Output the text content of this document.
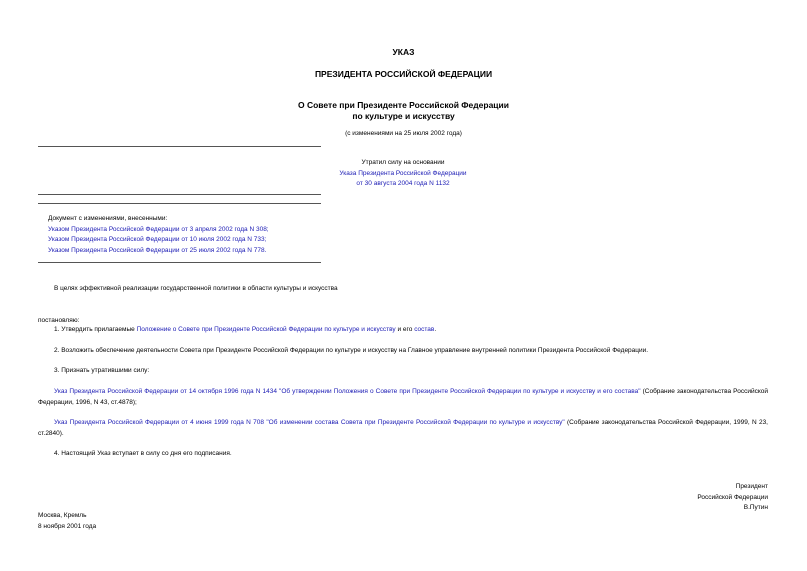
УКАЗ
ПРЕЗИДЕНТА РОССИЙСКОЙ ФЕДЕРАЦИИ
О Совете при Президенте Российской Федерации
по культуре и искусству
(с изменениями на 25 июля 2002 года)
Утратил силу на основании
Указа Президента Российской Федерации
от 30 августа 2004 года N 1132
Документ с изменениями, внесенными:
Указом Президента Российской Федерации от 3 апреля 2002 года N 308;
Указом Президента Российской Федерации от 10 июля 2002 года N 733;
Указом Президента Российской Федерации от 25 июля 2002 года N 778.
В целях эффективной реализации государственной политики в области культуры и искусства
постановляю:
1. Утвердить прилагаемые Положение о Совете при Президенте Российской Федерации по культуре и искусству и его состав.
2. Возложить обеспечение деятельности Совета при Президенте Российской Федерации по культуре и искусству на Главное управление внутренней политики Президента Российской Федерации.
3. Признать утратившими силу:
Указ Президента Российской Федерации от 14 октября 1996 года N 1434 "Об утверждении Положения о Совете при Президенте Российской Федерации по культуре и искусству и его состава" (Собрание законодательства Российской Федерации, 1996, N 43, ст.4878);
Указ Президента Российской Федерации от 4 июня 1999 года N 708 "Об изменении состава Совета при Президенте Российской Федерации по культуре и искусству" (Собрание законодательства Российской Федерации, 1999, N 23, ст.2840).
4. Настоящий Указ вступает в силу со дня его подписания.
Президент
Российской Федерации
В.Путин
Москва, Кремль
8 ноября 2001 года
